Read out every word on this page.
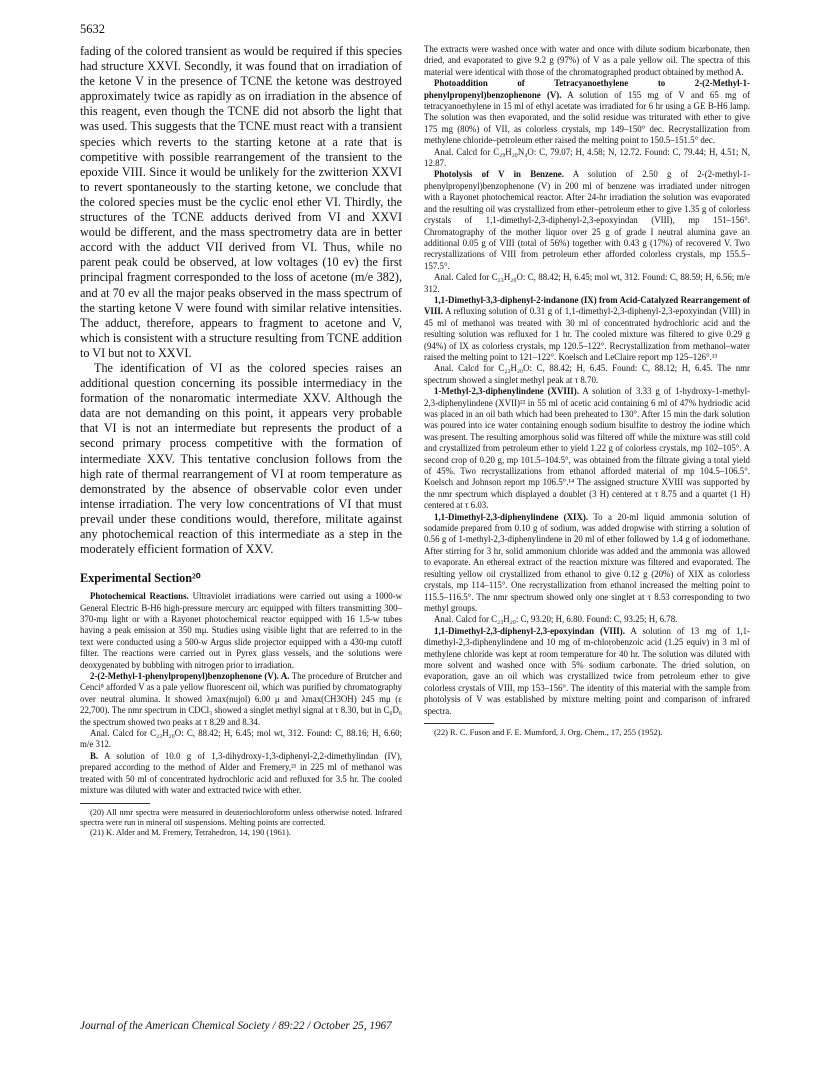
5632

fading of the colored transient as would be required if this species had structure XXVI. Secondly, it was found that on irradiation of the ketone V in the presence of TCNE the ketone was destroyed approximately twice as rapidly as on irradiation in the absence of this reagent, even though the TCNE did not absorb the light that was used. This suggests that the TCNE must react with a transient species which reverts to the starting ketone at a rate that is competitive with possible rearrangement of the transient to the epoxide VIII. Since it would be unlikely for the zwitterion XXVI to revert spontaneously to the starting ketone, we conclude that the colored species must be the cyclic enol ether VI. Thirdly, the structures of the TCNE adducts derived from VI and XXVI would be different, and the mass spectrometry data are in better accord with the adduct VII derived from VI. Thus, while no parent peak could be observed, at low voltages (10 ev) the first principal fragment corresponded to the loss of acetone (m/e 382), and at 70 ev all the major peaks observed in the mass spectrum of the starting ketone V were found with similar relative intensities. The adduct, therefore, appears to fragment to acetone and V, which is consistent with a structure resulting from TCNE addition to VI but not to XXVI.

The identification of VI as the colored species raises an additional question concerning its possible intermediacy in the formation of the nonaromatic intermediate XXV. Although the data are not demanding on this point, it appears very probable that VI is not an intermediate but represents the product of a second primary process competitive with the formation of intermediate XXV. This tentative conclusion follows from the high rate of thermal rearrangement of VI at room temperature as demonstrated by the absence of observable color even under intense irradiation. The very low concentrations of VI that must prevail under these conditions would, therefore, militate against any photochemical reaction of this intermediate as a step in the moderately efficient formation of XXV.

Experimental Section²⁰

Photochemical Reactions. Ultraviolet irradiations were carried out using a 1000-w General Electric B-H6 high-pressure mercury arc equipped with filters transmitting 300–370-mμ light or with a Rayonet photochemical reactor equipped with 16 1.5-w tubes having a peak emission at 350 mμ. Studies using visible light that are referred to in the text were conducted using a 500-w Argus slide projector equipped with a 430-mμ cutoff filter. The reactions were carried out in Pyrex glass vessels, and the solutions were deoxygenated by bubbling with nitrogen prior to irradiation.

2-(2-Methyl-1-phenylpropenyl)benzophenone (V). A. The procedure of Brutcher and Cenci⁸ afforded V as a pale yellow fluorescent oil, which was purified by chromatography over neutral alumina. It showed λmax(nujol) 6.00 μ and λmax(CH3OH) 245 mμ (ε 22,700). The nmr spectrum in CDCl₃ showed a singlet methyl signal at τ 8.30, but in C₆D₆ the spectrum showed two peaks at τ 8.29 and 8.34.

Anal. Calcd for C₂₃H₂₀O: C, 88.42; H, 6.45; mol wt, 312. Found: C, 88.16; H, 6.60; m/e 312.

B. A solution of 10.0 g of 1,3-dihydroxy-1,3-diphenyl-2,2-dimethylindan (IV), prepared according to the method of Alder and Fremery,²¹ in 225 ml of methanol was treated with 50 ml of concentrated hydrochloric acid and refluxed for 3.5 hr. The cooled mixture was diluted with water and extracted twice with ether.

(20) All nmr spectra were measured in deuteriochloroform unless otherwise noted. Infrared spectra were run in mineral oil suspensions. Melting points are corrected.

(21) K. Alder and M. Fremery, Tetrahedron, 14, 190 (1961).

The extracts were washed once with water and once with dilute sodium bicarbonate, then dried, and evaporated to give 9.2 g (97%) of V as a pale yellow oil. The spectra of this material were identical with those of the chromatographed product obtained by method A.

Photoaddition of Tetracyanoethylene to 2-(2-Methyl-1-phenylpropenyl)benzophenone (V). A solution of 155 mg of V and 65 mg of tetracyanoethylene in 15 ml of ethyl acetate was irradiated for 6 hr using a GE B-H6 lamp. The solution was then evaporated, and the solid residue was triturated with ether to give 175 mg (80%) of VII, as colorless crystals, mp 149–150° dec. Recrystallization from methylene chloride–petroleum ether raised the melting point to 150.5–151.5° dec.

Anal. Calcd for C₂₉H₂₀N₄O: C, 79.07; H, 4.58; N, 12.72. Found: C, 79.44; H, 4.51; N, 12.87.

Photolysis of V in Benzene. A solution of 2.50 g of 2-(2-methyl-1-phenylpropenyl)benzophenone (V) in 200 ml of benzene was irradiated under nitrogen with a Rayonet photochemical reactor. After 24-hr irradiation the solution was evaporated and the resulting oil was crystallized from ether–petroleum ether to give 1.35 g of colorless crystals of 1,1-dimethyl-2,3-diphenyl-2,3-epoxyindan (VIII), mp 151–156°. Chromatography of the mother liquor over 25 g of grade I neutral alumina gave an additional 0.05 g of VIII (total of 56%) together with 0.43 g (17%) of recovered V. Two recrystallizations of VIII from petroleum ether afforded colorless crystals, mp 155.5–157.5°.

Anal. Calcd for C₂₃H₂₀O: C, 88.42; H, 6.45; mol wt, 312. Found: C, 88.59; H, 6.56; m/e 312.

1,1-Dimethyl-3,3-diphenyl-2-indanone (IX) from Acid-Catalyzed Rearrangement of VIII. A refluxing solution of 0.31 g of 1,1-dimethyl-2,3-diphenyl-2,3-epoxyindan (VIII) in 45 ml of methanol was treated with 30 ml of concentrated hydrochloric acid and the resulting solution was refluxed for 1 hr. The cooled mixture was filtered to give 0.29 g (94%) of IX as colorless crystals, mp 120.5–122°. Recrystallization from methanol–water raised the melting point to 121–122°. Koelsch and LeClaire report mp 125–126°.¹³

Anal. Calcd for C₂₃H₂₀O: C, 88.42; H, 6.45. Found: C, 88.12; H, 6.45. The nmr spectrum showed a singlet methyl peak at τ 8.70.

1-Methyl-2,3-diphenylindene (XVIII). A solution of 3.33 g of 1-hydroxy-1-methyl-2,3-diphenylindene (XVII)²² in 55 ml of acetic acid containing 6 ml of 47% hydriodic acid was placed in an oil bath which had been preheated to 130°. After 15 min the dark solution was poured into ice water containing enough sodium bisulfite to destroy the iodine which was present. The resulting amorphous solid was filtered off while the mixture was still cold and crystallized from petroleum ether to yield 1.22 g of colorless crystals, mp 102–105°. A second crop of 0.20 g, mp 101.5–104.5°, was obtained from the filtrate giving a total yield of 45%. Two recrystallizations from ethanol afforded material of mp 104.5–106.5°. Koelsch and Johnson report mp 106.5°.¹⁴ The assigned structure XVIII was supported by the nmr spectrum which displayed a doublet (3 H) centered at τ 8.75 and a quartet (1 H) centered at τ 6.03.

1,1-Dimethyl-2,3-diphenylindene (XIX). To a 20-ml liquid ammonia solution of sodamide prepared from 0.10 g of sodium, was added dropwise with stirring a solution of 0.56 g of 1-methyl-2,3-diphenylindene in 20 ml of ether followed by 1.4 g of iodomethane. After stirring for 3 hr, solid ammonium chloride was added and the ammonia was allowed to evaporate. An ethereal extract of the reaction mixture was filtered and evaporated. The resulting yellow oil crystallized from ethanol to give 0.12 g (20%) of XIX as colorless crystals, mp 114–115°. One recrystallization from ethanol increased the melting point to 115.5–116.5°. The nmr spectrum showed only one singlet at τ 8.53 corresponding to two methyl groups.

Anal. Calcd for C₂₃H₂₀: C, 93.20; H, 6.80. Found: C, 93.25; H, 6.78.

1,1-Dimethyl-2,3-diphenyl-2,3-epoxyindan (VIII). A solution of 13 mg of 1,1-dimethyl-2,3-diphenylindene and 10 mg of m-chlorobenzoic acid (1.25 equiv) in 3 ml of methylene chloride was kept at room temperature for 40 hr. The solution was diluted with more solvent and washed once with 5% sodium carbonate. The dried solution, on evaporation, gave an oil which was crystallized twice from petroleum ether to give colorless crystals of VIII, mp 153–156°. The identity of this material with the sample from photolysis of V was established by mixture melting point and comparison of infrared spectra.

(22) R. C. Fuson and F. E. Mumford, J. Org. Chem., 17, 255 (1952).

Journal of the American Chemical Society / 89:22 / October 25, 1967
